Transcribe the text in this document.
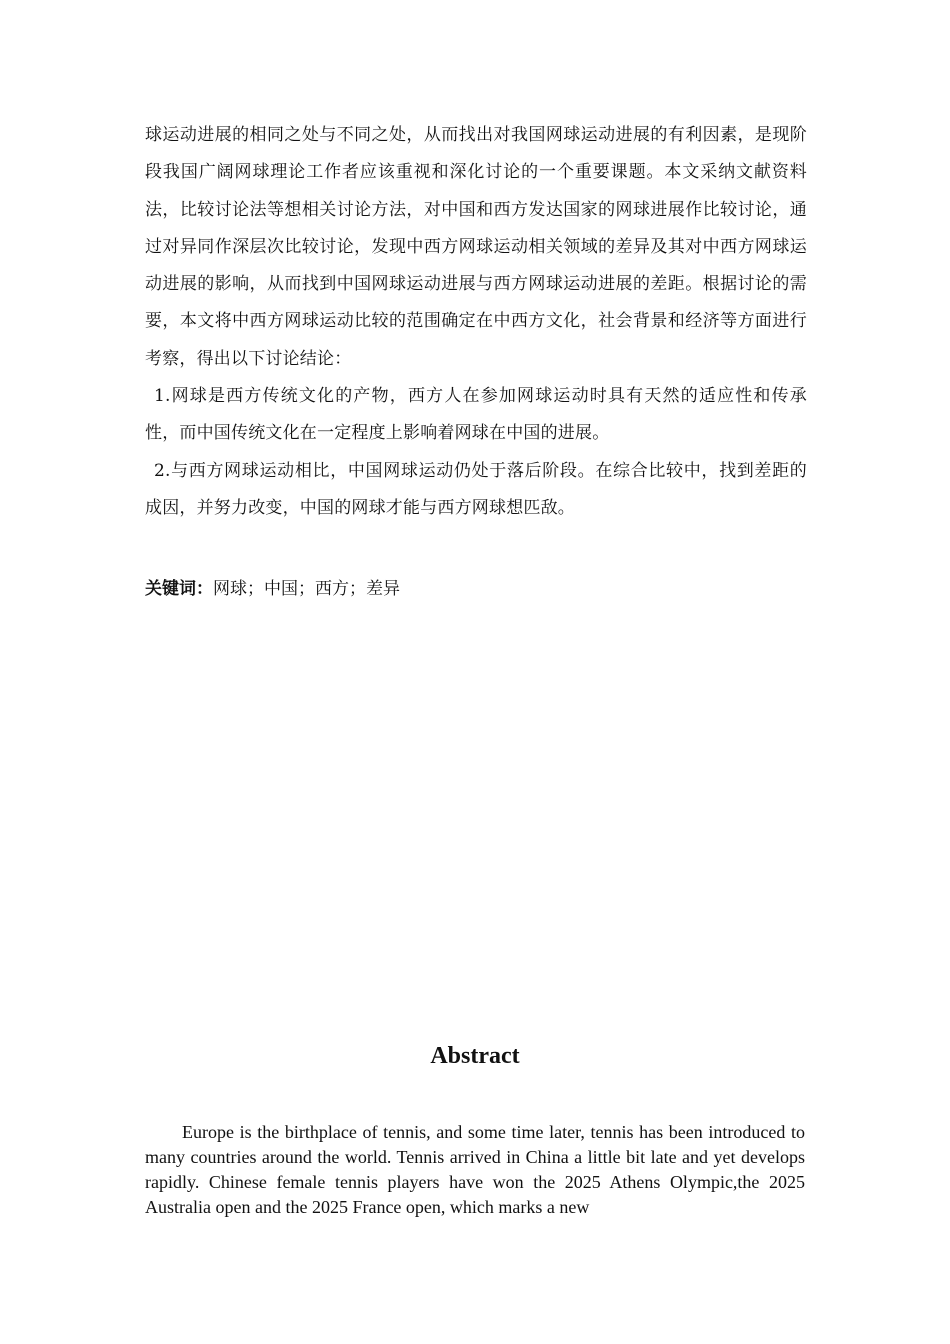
球运动进展的相同之处与不同之处，从而找出对我国网球运动进展的有利因素，是现阶段我国广阔网球理论工作者应该重视和深化讨论的一个重要课题。本文采纳文献资料法，比较讨论法等想相关讨论方法，对中国和西方发达国家的网球进展作比较讨论，通过对异同作深层次比较讨论，发现中西方网球运动相关领域的差异及其对中西方网球运动进展的影响，从而找到中国网球运动进展与西方网球运动进展的差距。根据讨论的需要，本文将中西方网球运动比较的范围确定在中西方文化，社会背景和经济等方面进行考察，得出以下讨论结论：

1.网球是西方传统文化的产物，西方人在参加网球运动时具有天然的适应性和传承性，而中国传统文化在一定程度上影响着网球在中国的进展。

2.与西方网球运动相比，中国网球运动仍处于落后阶段。在综合比较中，找到差距的成因，并努力改变，中国的网球才能与西方网球想匹敌。

关键词：网球；中国；西方；差异
Abstract

Europe is the birthplace of tennis, and some time later, tennis has been introduced to many countries around the world. Tennis arrived in China a little bit late and yet develops rapidly. Chinese female tennis players have won the 2025 Athens Olympic,the 2025 Australia open and the 2025 France open, which marks a new
